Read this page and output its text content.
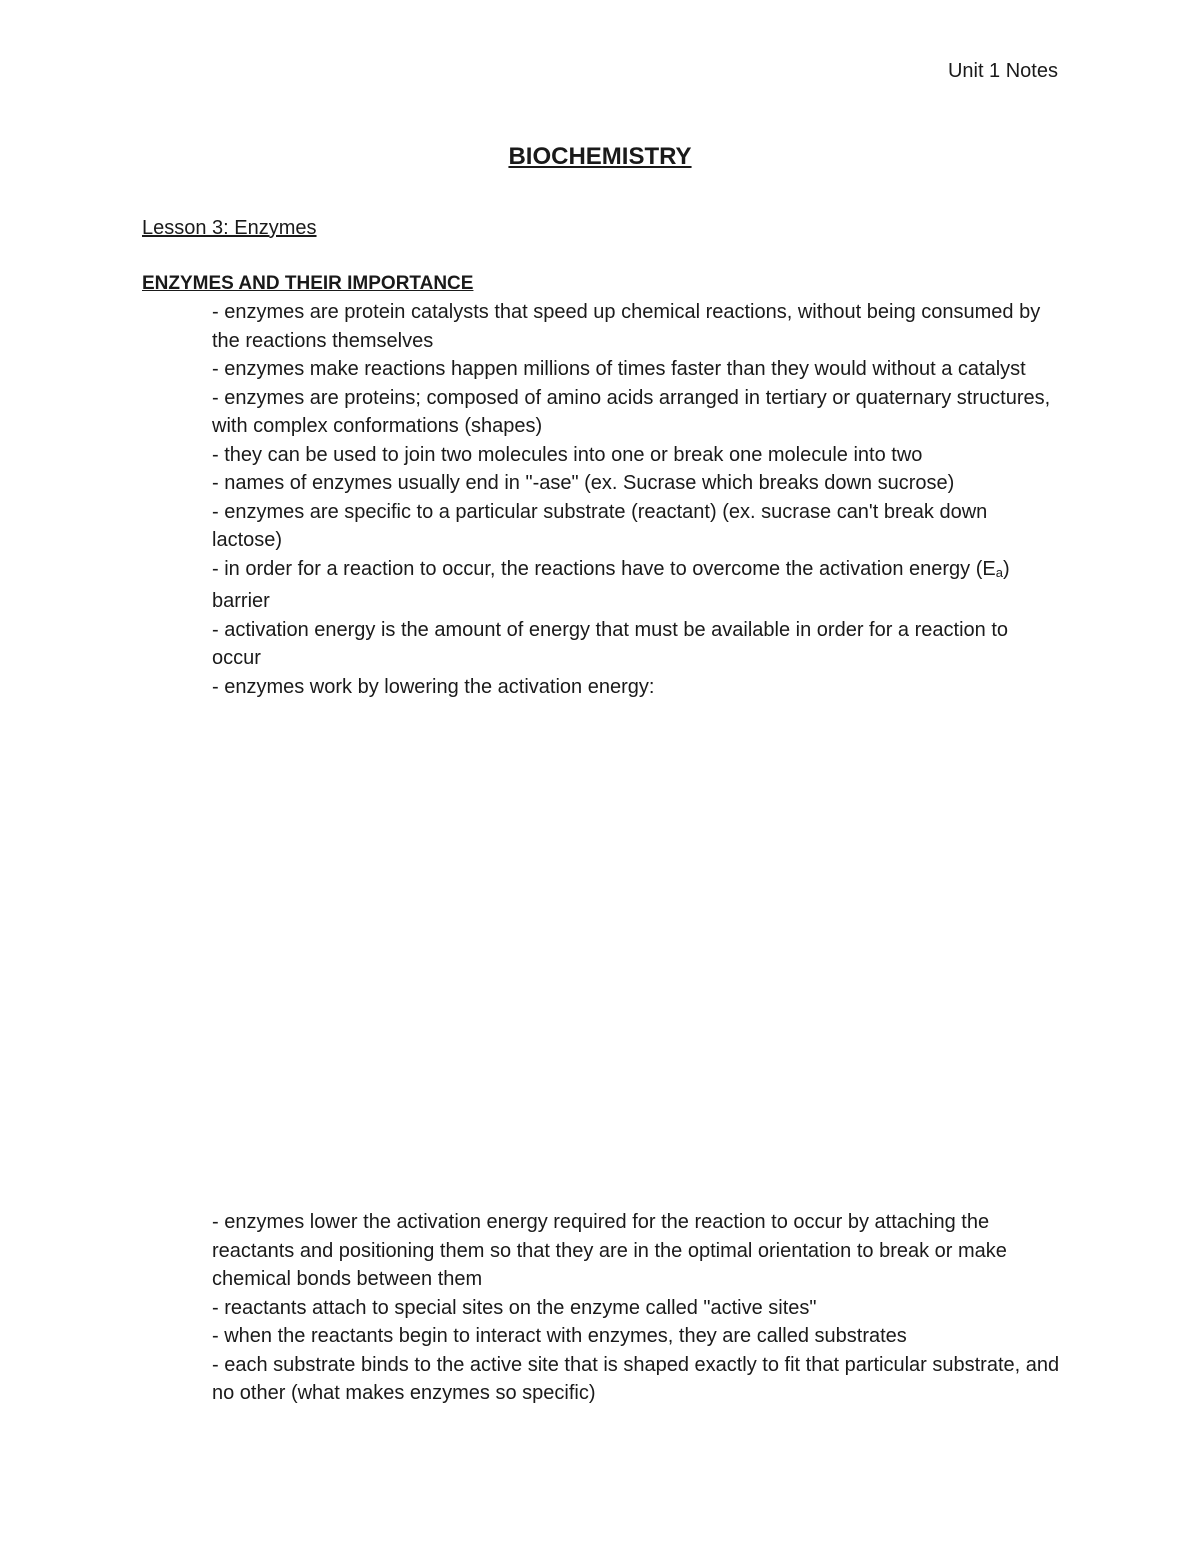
Unit 1 Notes
BIOCHEMISTRY
Lesson 3: Enzymes
ENZYMES AND THEIR IMPORTANCE
- enzymes are protein catalysts that speed up chemical reactions, without being consumed by the reactions themselves
- enzymes make reactions happen millions of times faster than they would without a catalyst
- enzymes are proteins; composed of amino acids arranged in tertiary or quaternary structures, with complex conformations (shapes)
- they can be used to join two molecules into one or break one molecule into two
- names of enzymes usually end in "-ase" (ex. Sucrase which breaks down sucrose)
- enzymes are specific to a particular substrate (reactant) (ex. sucrase can't break down lactose)
- in order for a reaction to occur, the reactions have to overcome the activation energy $(E_a)$ barrier
- activation energy is the amount of energy that must be available in order for a reaction to occur
- enzymes work by lowering the activation energy:
- enzymes lower the activation energy required for the reaction to occur by attaching the reactants and positioning them so that they are in the optimal orientation to break or make chemical bonds between them
- reactants attach to special sites on the enzyme called "active sites"
- when the reactants begin to interact with enzymes, they are called substrates
- each substrate binds to the active site that is shaped exactly to fit that particular substrate, and no other (what makes enzymes so specific)
